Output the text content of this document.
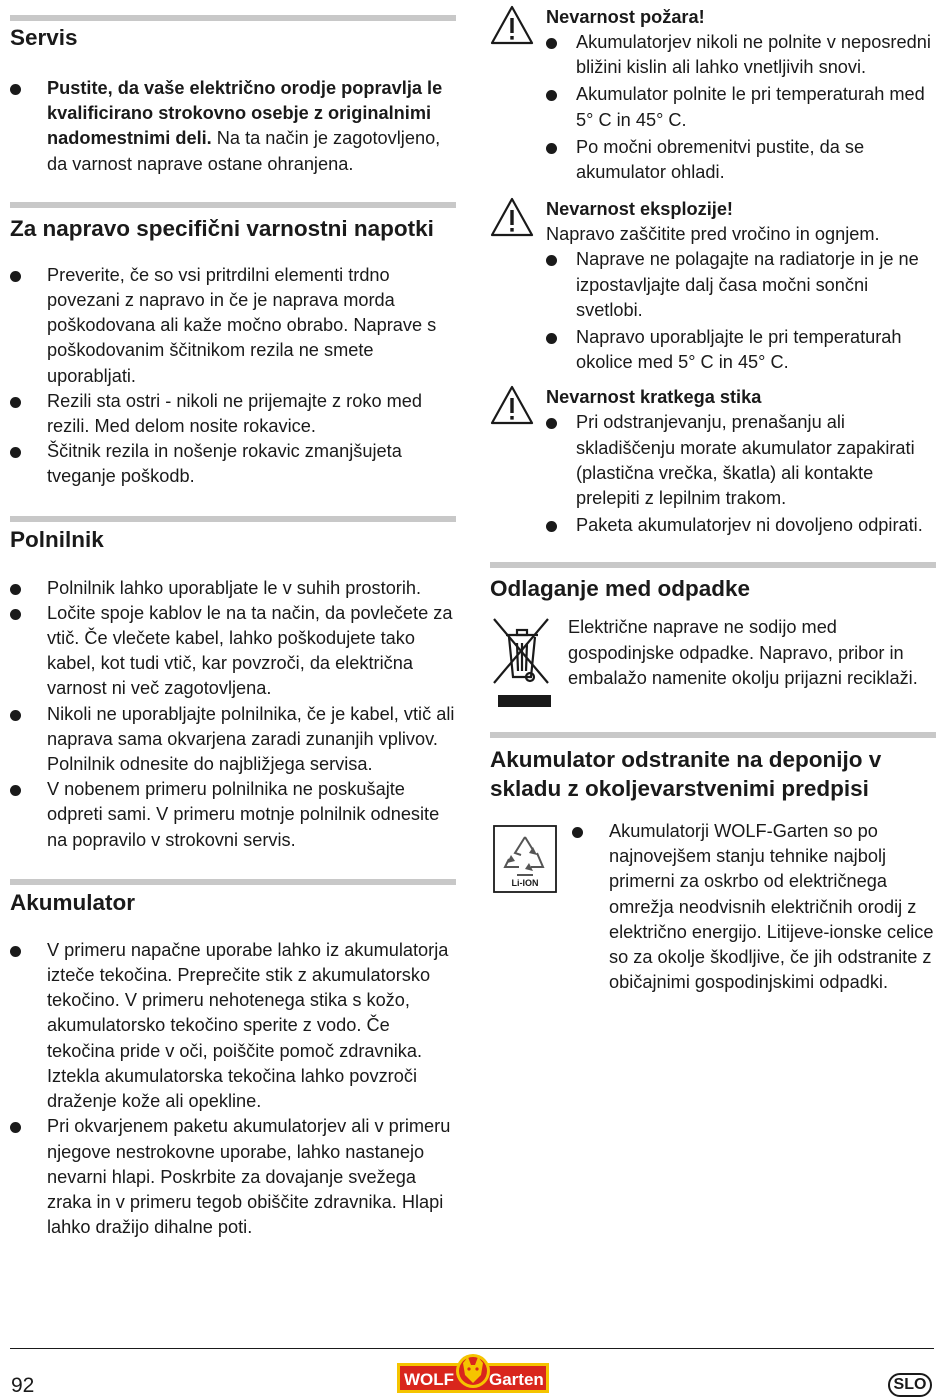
Servis
Pustite, da vaše električno orodje popravlja le kvalificirano strokovno osebje z originalnimi nadomestnimi deli. Na ta način je zagotovljeno, da varnost naprave ostane ohranjena.
Za napravo specifični varnostni napotki
Preverite, če so vsi pritrdilni elementi trdno povezani z napravo in če je naprava morda poškodovana ali kaže močno obrabo. Naprave s poškodovanim ščitnikom rezila ne smete uporabljati.
Rezili sta ostri - nikoli ne prijemajte z roko med rezili. Med delom nosite rokavice.
Ščitnik rezila in nošenje rokavic zmanjšujeta tveganje poškodb.
Polnilnik
Polnilnik lahko uporabljate le v suhih prostorih.
Ločite spoje kablov le na ta način, da povlečete za vtič. Če vlečete kabel, lahko poškodujete tako kabel, kot tudi vtič, kar povzroči, da električna varnost ni več zagotovljena.
Nikoli ne uporabljajte polnilnika, če je kabel, vtič ali naprava sama okvarjena zaradi zunanjih vplivov. Polnilnik odnesite do najbližjega servisa.
V nobenem primeru polnilnika ne poskušajte odpreti sami. V primeru motnje polnilnik odnesite na popravilo v strokovni servis.
Akumulator
V primeru napačne uporabe lahko iz akumulatorja izteče tekočina. Preprečite stik z akumulatorsko tekočino. V primeru nehotenega stika s kožo, akumulatorsko tekočino sperite z vodo. Če tekočina pride v oči, poiščite pomoč zdravnika. Iztekla akumulatorska tekočina lahko povzroči draženje kože ali opekline.
Pri okvarjenem paketu akumulatorjev ali v primeru njegove nestrokovne uporabe, lahko nastanejo nevarni hlapi. Poskrbite za dovajanje svežega zraka in v primeru tegob obiščite zdravnika. Hlapi lahko dražijo dihalne poti.
Nevarnost požara!
Akumulatorjev nikoli ne polnite v neposredni bližini kislin ali lahko vnetljivih snovi.
Akumulator polnite le pri temperaturah med 5° C in 45° C.
Po močni obremenitvi pustite, da se akumulator ohladi.
Nevarnost eksplozije!
Napravo zaščitite pred vročino in ognjem.
Naprave ne polagajte na radiatorje in je ne izpostavljajte dalj časa močni sončni svetlobi.
Napravo uporabljajte le pri temperaturah okolice med 5° C in 45° C.
Nevarnost kratkega stika
Pri odstranjevanju, prenašanju ali skladiščenju morate akumulator zapakirati (plastična vrečka, škatla) ali kontakte prelepiti z lepilnim trakom.
Paketa akumulatorjev ni dovoljeno odpirati.
Odlaganje med odpadke
Električne naprave ne sodijo med gospodinjske odpadke. Napravo, pribor in embalažo namenite okolju prijazni reciklaži.
Akumulator odstranite na deponijo v skladu z okoljevarstvenimi predpisi
Li-ION
Akumulatorji WOLF-Garten so po najnovejšem stanju tehnike najbolj primerni za oskrbo od električnega omrežja neodvisnih električnih orodij z električno energijo. Litijeve-ionske celice so za okolje škodljive, če jih odstranite z običajnimi gospodinjskimi odpadki.
92	WOLF Garten	SLO
